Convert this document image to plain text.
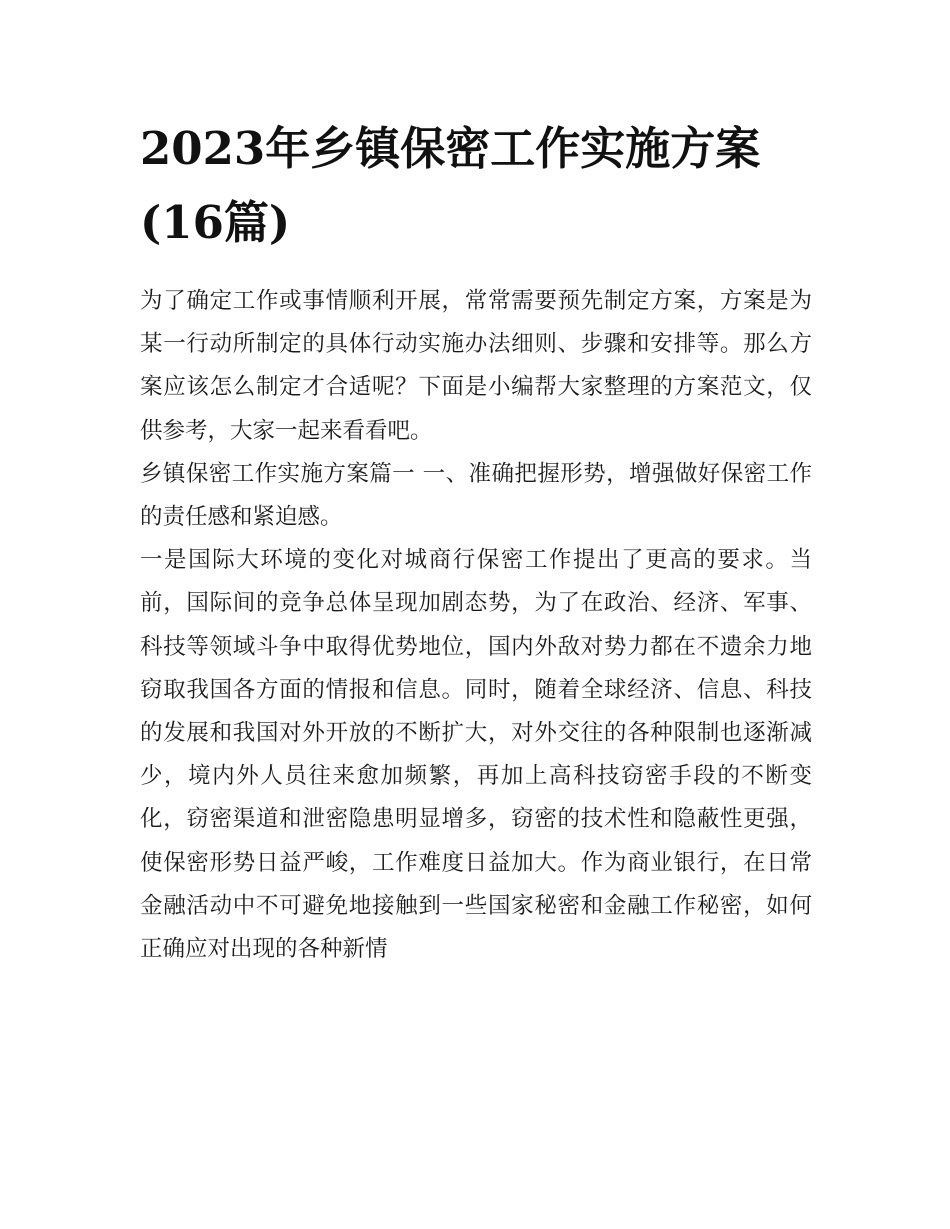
2023年乡镇保密工作实施方案(16篇)

为了确定工作或事情顺利开展，常常需要预先制定方案，方案是为某一行动所制定的具体行动实施办法细则、步骤和安排等。那么方案应该怎么制定才合适呢？下面是小编帮大家整理的方案范文，仅供参考，大家一起来看看吧。

乡镇保密工作实施方案篇一 一、准确把握形势，增强做好保密工作的责任感和紧迫感。

一是国际大环境的变化对城商行保密工作提出了更高的要求。当前，国际间的竞争总体呈现加剧态势，为了在政治、经济、军事、科技等领域斗争中取得优势地位，国内外敌对势力都在不遗余力地窃取我国各方面的情报和信息。同时，随着全球经济、信息、科技的发展和我国对外开放的不断扩大，对外交往的各种限制也逐渐减少，境内外人员往来愈加频繁，再加上高科技窃密手段的不断变化，窃密渠道和泄密隐患明显增多，窃密的技术性和隐蔽性更强，使保密形势日益严峻，工作难度日益加大。作为商业银行，在日常金融活动中不可避免地接触到一些国家秘密和金融工作秘密，如何正确应对出现的各种新情
